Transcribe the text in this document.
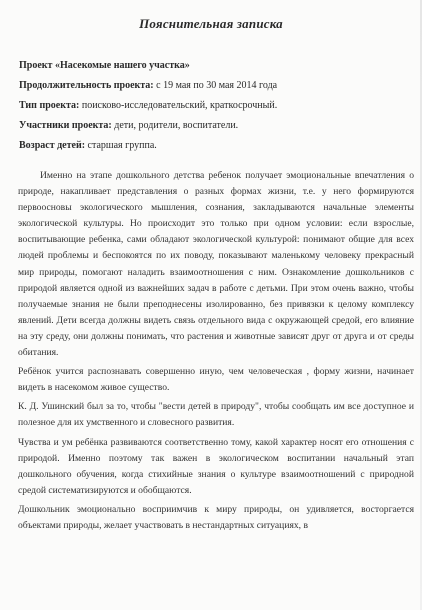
Пояснительная записка
Проект «Насекомые нашего участка»
Продолжительность проекта: с 19 мая по 30 мая 2014 года
Тип проекта: поисково-исследовательский, краткосрочный.
Участники проекта: дети, родители, воспитатели.
Возраст детей: старшая группа.

Именно на этапе дошкольного детства ребенок получает эмоциональные впечатления о природе, накапливает представления о разных формах жизни, т.е. у него формируются первоосновы экологического мышления, сознания, закладываются начальные элементы экологической культуры. Но происходит это только при одном условии: если взрослые, воспитывающие ребенка, сами обладают экологической культурой: понимают общие для всех людей проблемы и беспокоятся по их поводу, показывают маленькому человеку прекрасный мир природы, помогают наладить взаимоотношения с ним. Ознакомление дошкольников с природой является одной из важнейших задач в работе с детьми. При этом очень важно, чтобы получаемые знания не были преподнесены изолированно, без привязки к целому комплексу явлений. Дети всегда должны видеть связь отдельного вида с окружающей средой, его влияние на эту среду, они должны понимать, что растения и животные зависят друг от друга и от среды обитания.

Ребёнок учится распознавать совершенно иную, чем человеческая , форму жизни, начинает видеть в насекомом живое существо.

К. Д. Ушинский был за то, чтобы "вести детей в природу", чтобы сообщать им все доступное и полезное для их умственного и словесного развития.

Чувства и ум ребёнка развиваются соответственно тому, какой характер носят его отношения с природой. Именно поэтому так важен в экологическом воспитании начальный этап дошкольного обучения, когда стихийные знания о культуре взаимоотношений с природной средой систематизируются и обобщаются.

Дошкольник эмоционально восприимчив к миру природы, он удивляется, восторгается объектами природы, желает участвовать в нестандартных ситуациях, в
